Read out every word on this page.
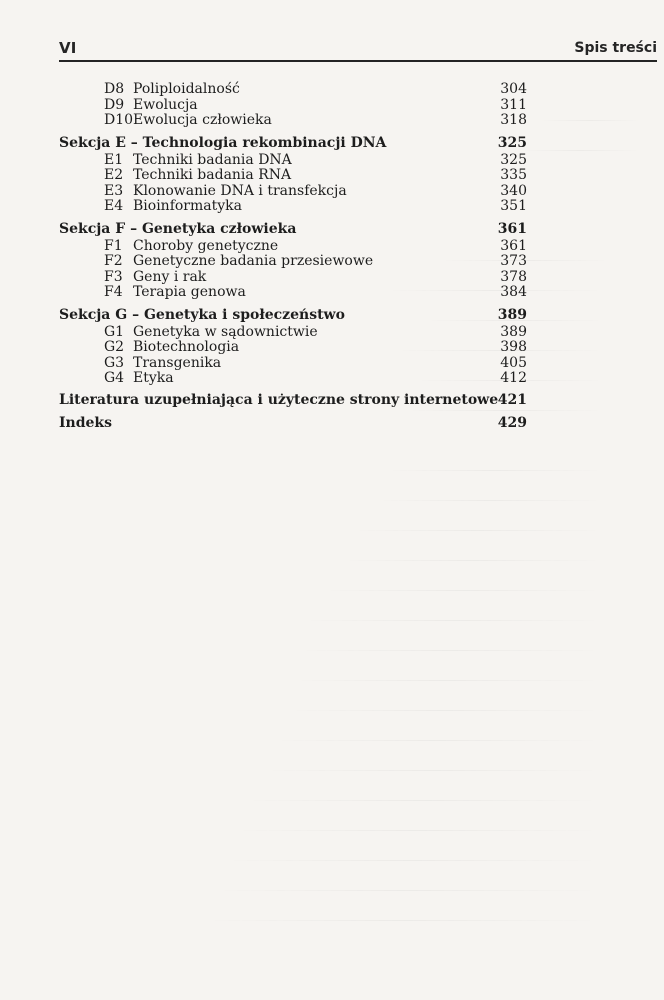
VI	Spis treści
D8 Poliploidalność	304
D9 Ewolucja	311
D10 Ewolucja człowieka	318
Sekcja E – Technologia rekombinacji DNA	325
E1 Techniki badania DNA	325
E2 Techniki badania RNA	335
E3 Klonowanie DNA i transfekcja	340
E4 Bioinformatyka	351
Sekcja F – Genetyka człowieka	361
F1 Choroby genetyczne	361
F2 Genetyczne badania przesiewowe	373
F3 Geny i rak	378
F4 Terapia genowa	384
Sekcja G – Genetyka i społeczeństwo	389
G1 Genetyka w sądownictwie	389
G2 Biotechnologia	398
G3 Transgenika	405
G4 Etyka	412
Literatura uzupełniająca i użyteczne strony internetowe 421
Indeks	429
